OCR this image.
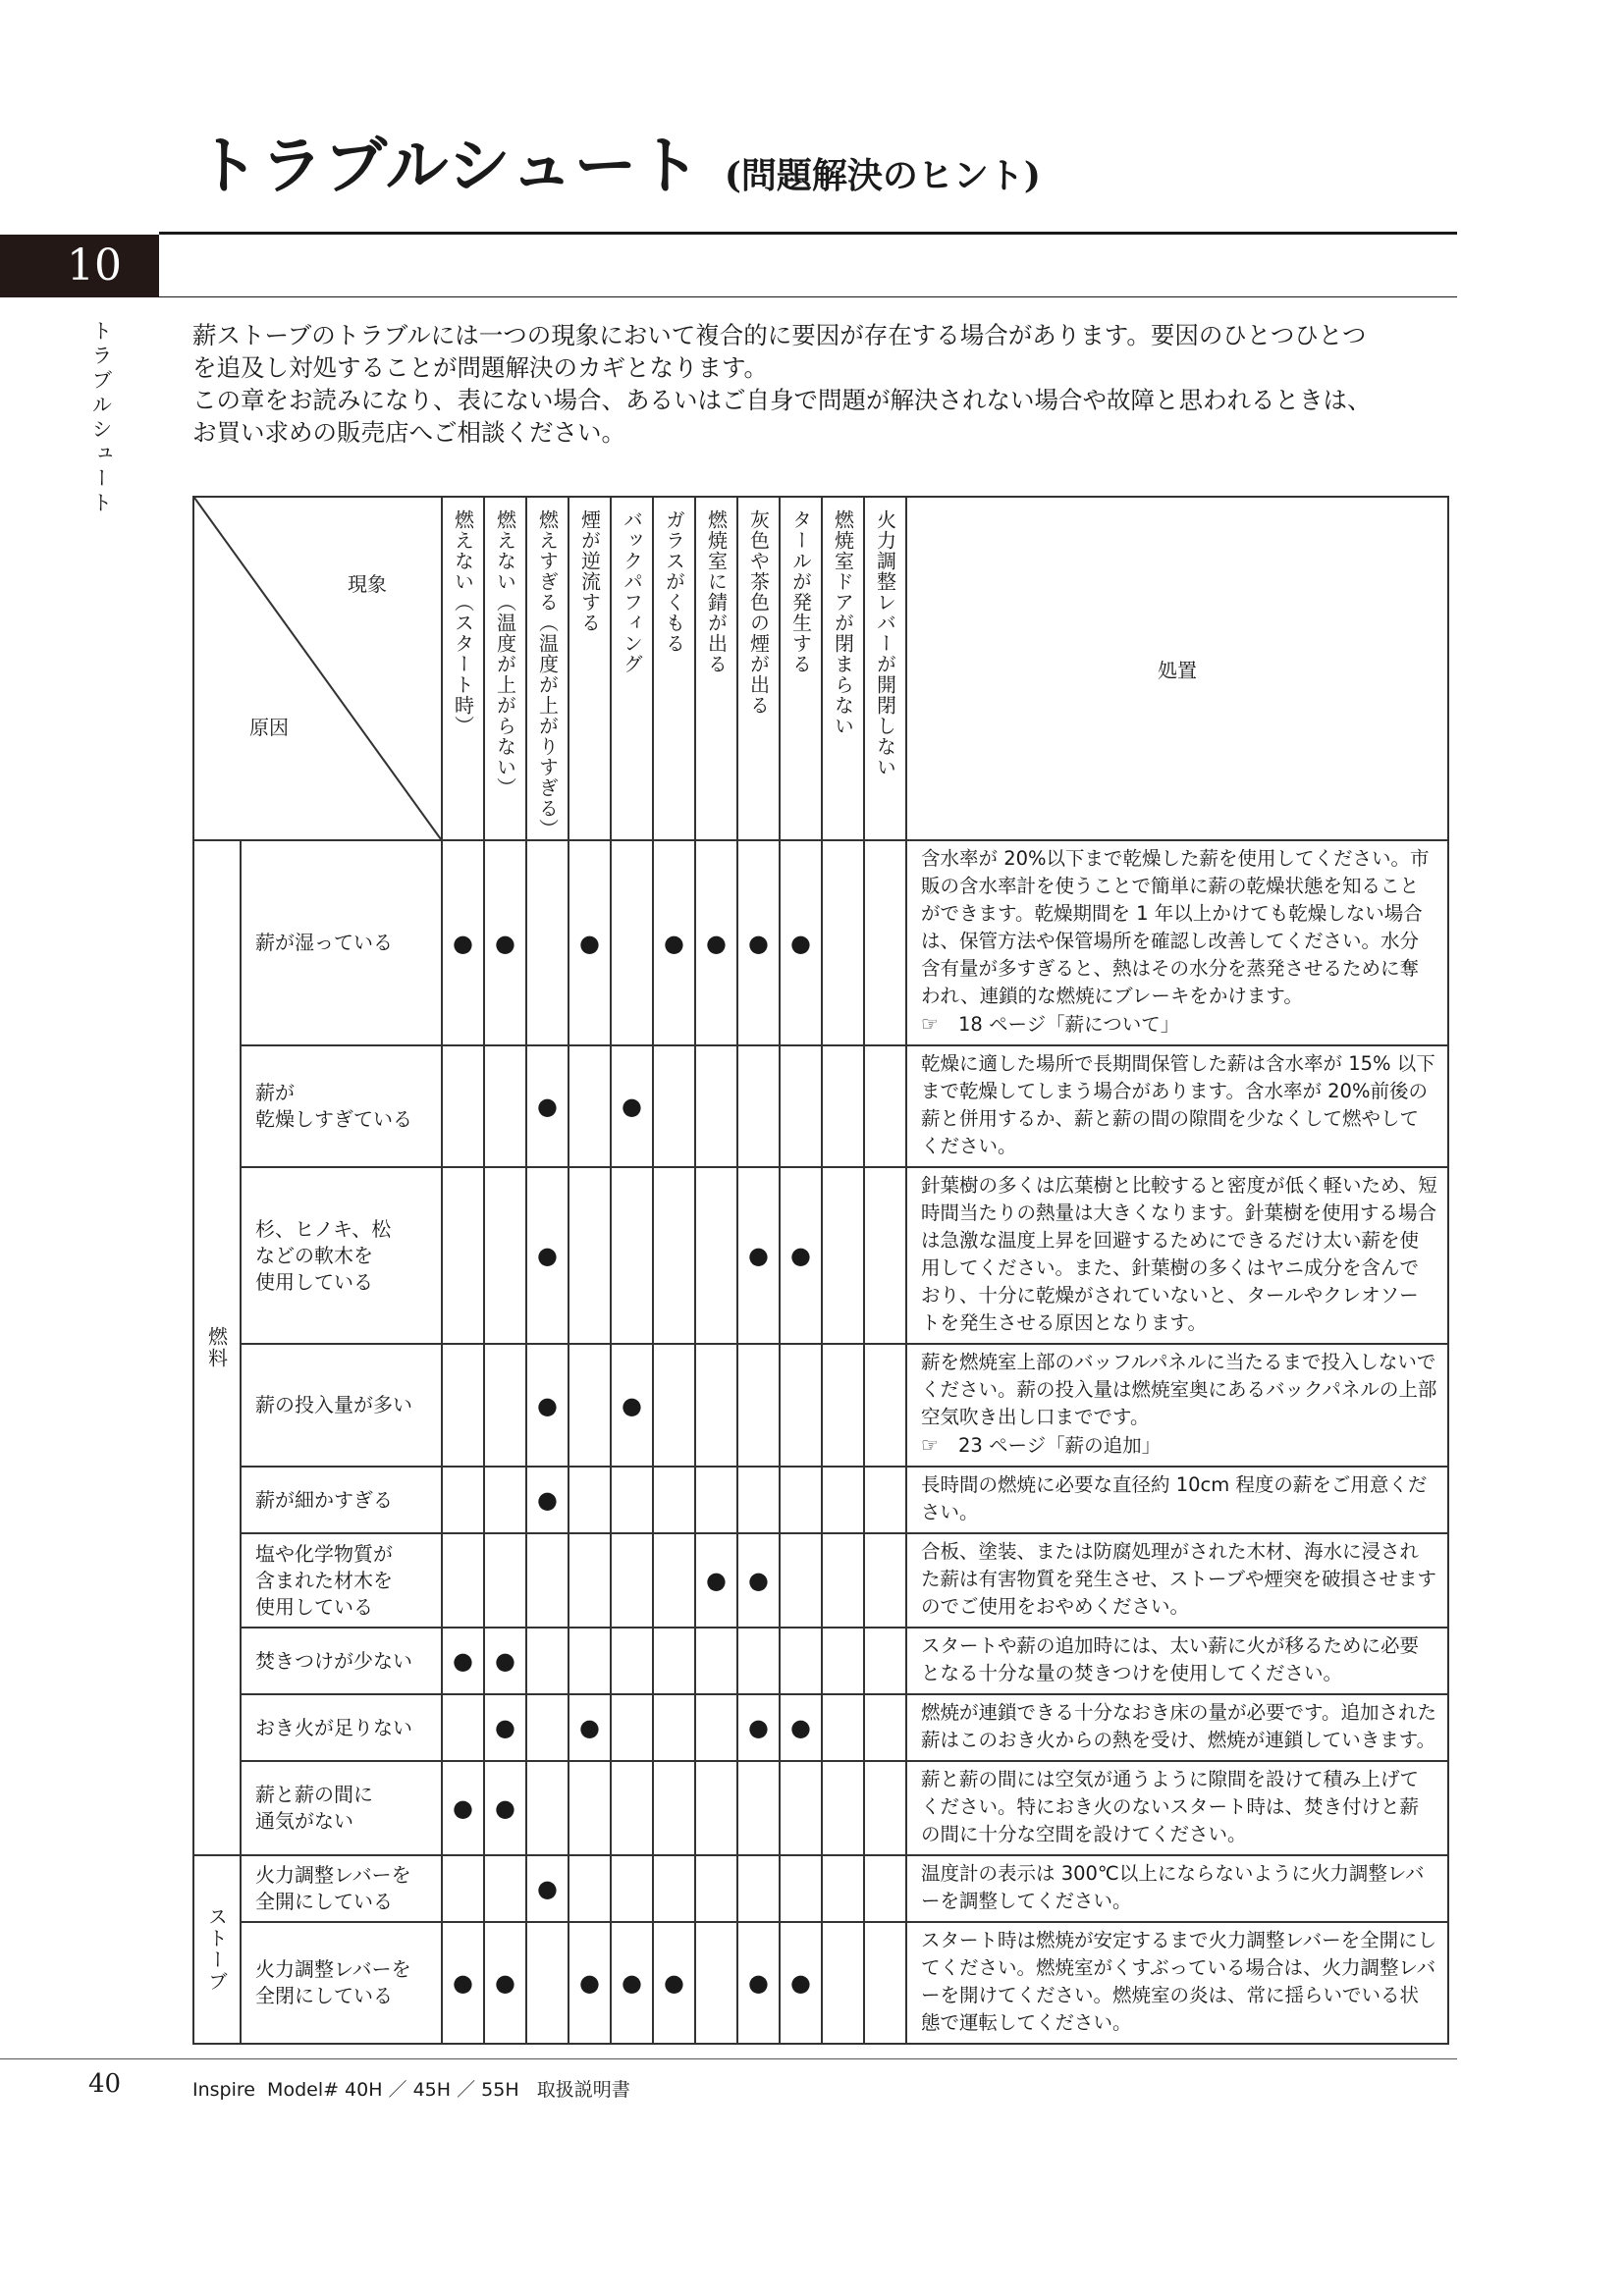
トラブルシュート (問題解決のヒント)
10
トラブルシュート	薪ストーブのトラブルには一つの現象において複合的に要因が存在する場合があります。要因のひとつひとつ
を追及し対処することが問題解決のカギとなります。
この章をお読みになり、表にない場合、あるいはご自身で問題が解決されない場合や故障と思われるときは、
お買い求めの販売店へご相談ください。
現象
原因		燃えない（スタート時）	燃えない（温度が上がらない）	燃えすぎる（温度が上がりすぎる）	煙が逆流する	バックパフィング	ガラスがくもる	燃焼室に錆が出る	灰色や茶色の煙が出る	タールが発生する	燃焼室ドアが閉まらない	火力調整レバーが開閉しない	処置
燃料	薪が湿っている	●	●		●		●	●	●	●			含水率が 20%以下まで乾燥した薪を使用してください。市販の含水率計を使うことで簡単に薪の乾燥状態を知ることができます。乾燥期間を 1 年以上かけても乾燥しない場合は、保管方法や保管場所を確認し改善してください。水分含有量が多すぎると、熱はその水分を蒸発させるために奪われ、連鎖的な燃焼にブレーキをかけます。
☞ 18 ページ「薪について」

	薪が
乾燥しすぎている			●		●							乾燥に適した場所で長期間保管した薪は含水率が 15% 以下まで乾燥してしまう場合があります。含水率が 20%前後の薪と併用するか、薪と薪の間の隙間を少なくして燃やしてください。
	杉、ヒノキ、松
などの軟木を
使用している			●					●	●			針葉樹の多くは広葉樹と比較すると密度が低く軽いため、短時間当たりの熱量は大きくなります。針葉樹を使用する場合は急激な温度上昇を回避するためにできるだけ太い薪を使用してください。また、針葉樹の多くはヤニ成分を含んでおり、十分に乾燥がされていないと、タールやクレオソートを発生させる原因となります。
	薪の投入量が多い			●		●							薪を燃焼室上部のバッフルパネルに当たるまで投入しないでください。薪の投入量は燃焼室奥にあるバックパネルの上部空気吹き出し口までです。
☞ 23 ページ「薪の追加」

	薪が細かすぎる			●									長時間の燃焼に必要な直径約 10cm 程度の薪をご用意ください。
	塩や化学物質が
含まれた材木を
使用している							●	●				合板、塗装、または防腐処理がされた木材、海水に浸された薪は有害物質を発生させ、ストーブや煙突を破損させますのでご使用をおやめください。
	焚きつけが少ない	●	●										スタートや薪の追加時には、太い薪に火が移るために必要となる十分な量の焚きつけを使用してください。
	おき火が足りない		●		●				●	●			燃焼が連鎖できる十分なおき床の量が必要です。追加された薪はこのおき火からの熱を受け、燃焼が連鎖していきます。
	薪と薪の間に
通気がない	●	●										薪と薪の間には空気が通うように隙間を設けて積み上げてください。特におき火のないスタート時は、焚き付けと薪の間に十分な空間を設けてください。
ストーブ	火力調整レバーを
全開にしている			●									温度計の表示は 300℃以上にならないように火力調整レバーを調整してください。
	火力調整レバーを
全閉にしている	●	●		●	●	●		●	●			スタート時は燃焼が安定するまで火力調整レバーを全開にしてください。燃焼室がくすぶっている場合は、火力調整レバーを開けてください。燃焼室の炎は、常に揺らいでいる状態で運転してください。
40	Inspire  Model# 40H ／ 45H ／ 55H   取扱説明書
